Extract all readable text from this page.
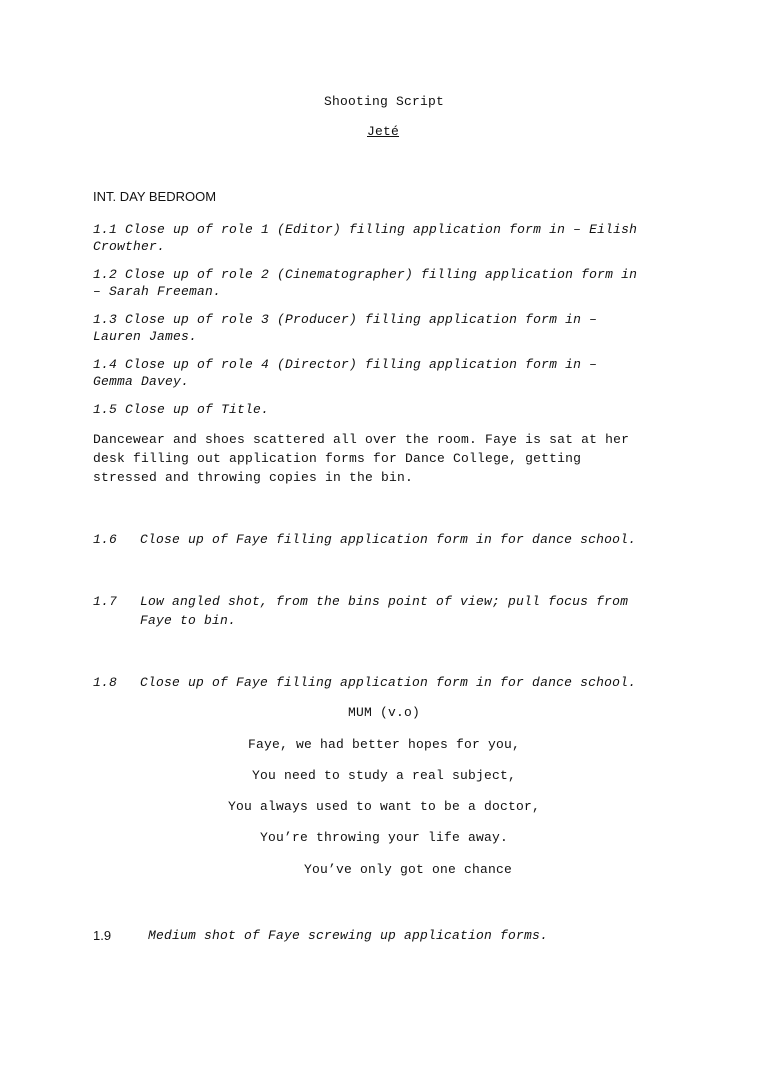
Shooting Script
Jeté
INT. DAY BEDROOM
1.1 Close up of role 1 (Editor) filling application form in – Eilish
Crowther.
1.2 Close up of role 2 (Cinematographer) filling application form in
– Sarah Freeman.
1.3 Close up of role 3 (Producer) filling application form in –
Lauren James.
1.4 Close up of role 4 (Director) filling application form in –
Gemma Davey.
1.5 Close up of Title.
Dancewear and shoes scattered all over the room. Faye is sat at her
desk filling out application forms for Dance College, getting
stressed and throwing copies in the bin.
1.6 Close up of Faye filling application form in for dance school.
1.7 Low angled shot, from the bins point of view; pull focus from
Faye to bin.
1.8 Close up of Faye filling application form in for dance school.
MUM (v.o)
Faye, we had better hopes for you,
You need to study a real subject,
You always used to want to be a doctor,
You’re throwing your life away.
You’ve only got one chance
1.9	Medium shot of Faye screwing up application forms.
